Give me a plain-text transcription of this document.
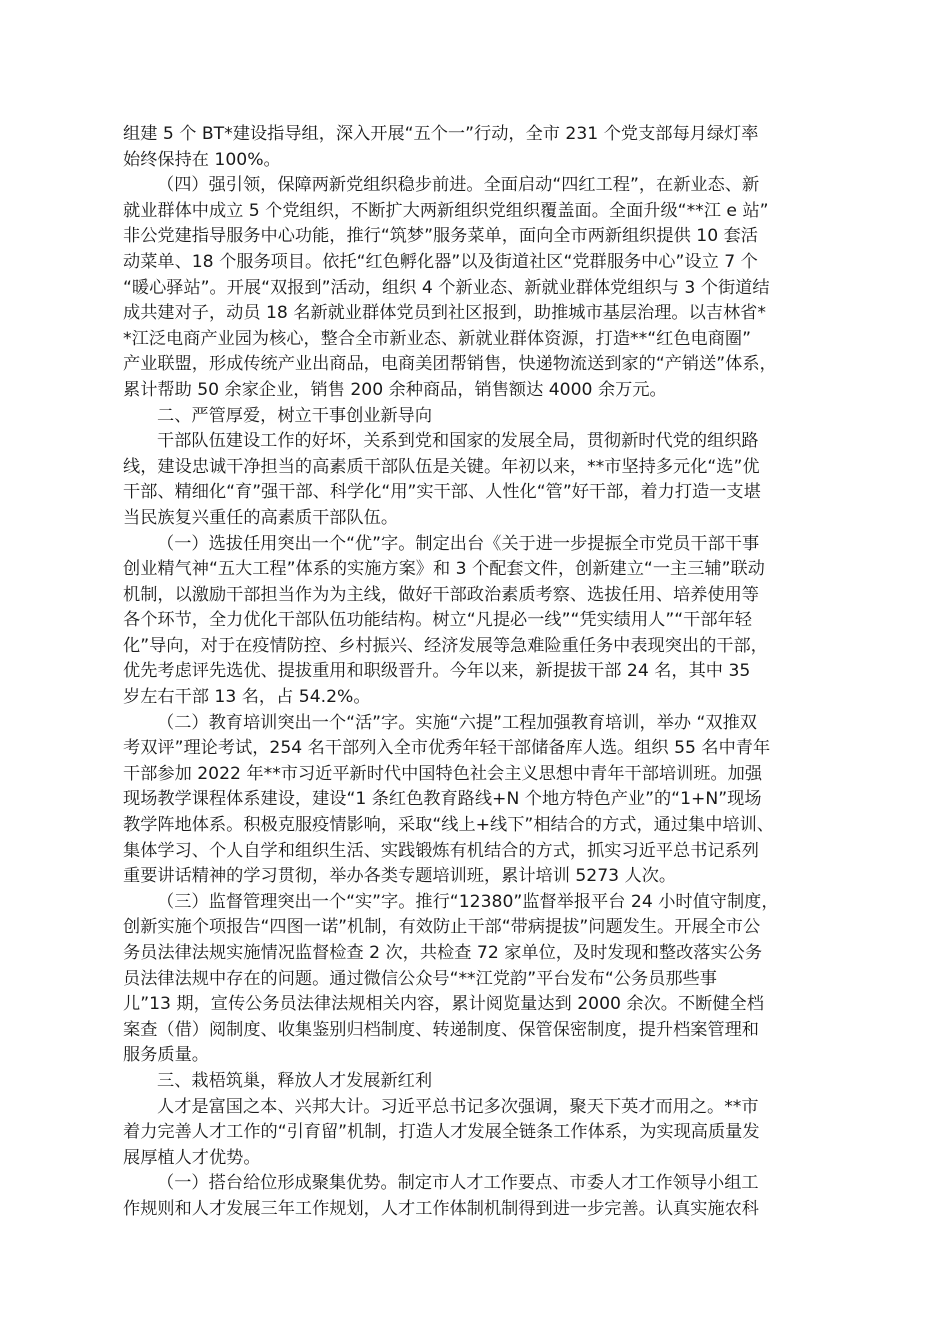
组建 5 个 BT*建设指导组，深入开展“五个一”行动，全市 231 个党支部每月绿灯率
始终保持在 100%。
（四）强引领，保障两新党组织稳步前进。全面启动“四红工程”，在新业态、新
就业群体中成立 5 个党组织，不断扩大两新组织党组织覆盖面。全面升级“**江 e 站”
非公党建指导服务中心功能，推行“筑梦”服务菜单，面向全市两新组织提供 10 套活
动菜单、18 个服务项目。依托“红色孵化器”以及街道社区“党群服务中心”设立 7 个
“暖心驿站”。开展“双报到”活动，组织 4 个新业态、新就业群体党组织与 3 个街道结
成共建对子，动员 18 名新就业群体党员到社区报到，助推城市基层治理。以吉林省*
*江泛电商产业园为核心，整合全市新业态、新就业群体资源，打造**“红色电商圈”
产业联盟，形成传统产业出商品，电商美团帮销售，快递物流送到家的“产销送”体系，
累计帮助 50 余家企业，销售 200 余种商品，销售额达 4000 余万元。
二、严管厚爱，树立干事创业新导向
干部队伍建设工作的好坏，关系到党和国家的发展全局，贯彻新时代党的组织路
线，建设忠诚干净担当的高素质干部队伍是关键。年初以来，**市坚持多元化“选”优
干部、精细化“育”强干部、科学化“用”实干部、人性化“管”好干部，着力打造一支堪
当民族复兴重任的高素质干部队伍。
（一）选拔任用突出一个“优”字。制定出台《关于进一步提振全市党员干部干事
创业精气神“五大工程”体系的实施方案》和 3 个配套文件，创新建立“一主三辅”联动
机制，以激励干部担当作为为主线，做好干部政治素质考察、选拔任用、培养使用等
各个环节，全力优化干部队伍功能结构。树立“凡提必一线”“凭实绩用人”“干部年轻
化”导向，对于在疫情防控、乡村振兴、经济发展等急难险重任务中表现突出的干部，
优先考虑评先选优、提拔重用和职级晋升。今年以来，新提拔干部 24 名，其中 35
岁左右干部 13 名，占 54.2%。
（二）教育培训突出一个“活”字。实施“六提”工程加强教育培训，举办 “双推双
考双评”理论考试，254 名干部列入全市优秀年轻干部储备库人选。组织 55 名中青年
干部参加 2022 年**市习近平新时代中国特色社会主义思想中青年干部培训班。加强
现场教学课程体系建设，建设“1 条红色教育路线+N 个地方特色产业”的“1+N”现场
教学阵地体系。积极克服疫情影响，采取“线上+线下”相结合的方式，通过集中培训、
集体学习、个人自学和组织生活、实践锻炼有机结合的方式，抓实习近平总书记系列
重要讲话精神的学习贯彻，举办各类专题培训班，累计培训 5273 人次。
（三）监督管理突出一个“实”字。推行“12380”监督举报平台 24 小时值守制度，
创新实施个项报告“四图一诺”机制，有效防止干部“带病提拔”问题发生。开展全市公
务员法律法规实施情况监督检查 2 次，共检查 72 家单位，及时发现和整改落实公务
员法律法规中存在的问题。通过微信公众号“**江党韵”平台发布“公务员那些事
儿”13 期，宣传公务员法律法规相关内容，累计阅览量达到 2000 余次。不断健全档
案查（借）阅制度、收集鉴别归档制度、转递制度、保管保密制度，提升档案管理和
服务质量。
三、栽梧筑巢，释放人才发展新红利
人才是富国之本、兴邦大计。习近平总书记多次强调，聚天下英才而用之。**市
着力完善人才工作的“引育留”机制，打造人才发展全链条工作体系，为实现高质量发
展厚植人才优势。
（一）搭台给位形成聚集优势。制定市人才工作要点、市委人才工作领导小组工
作规则和人才发展三年工作规划，人才工作体制机制得到进一步完善。认真实施农科
